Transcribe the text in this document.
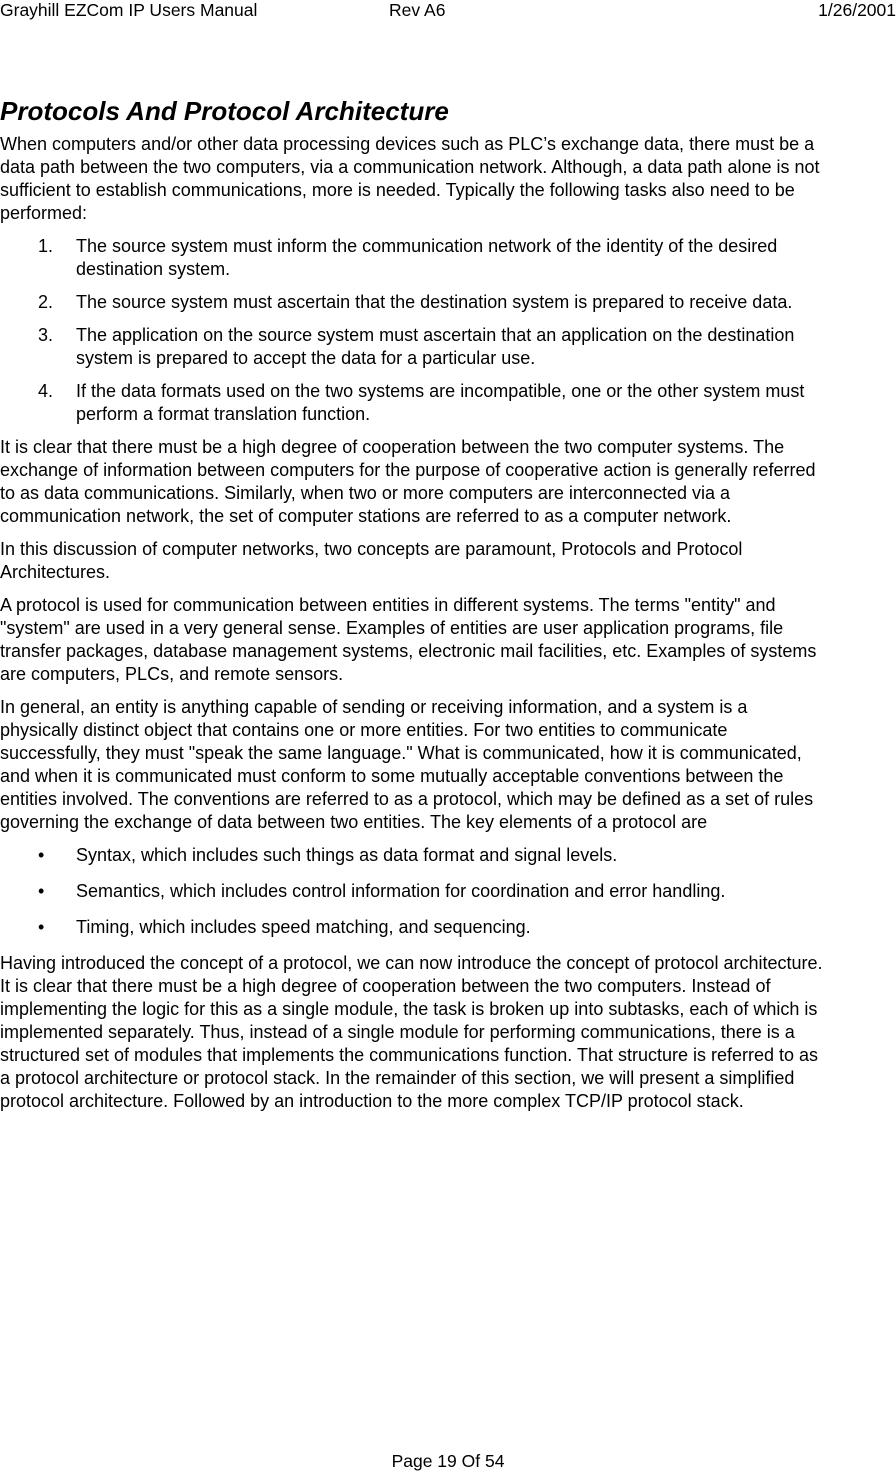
Grayhill EZCom IP Users Manual	Rev A6	1/26/2001
Protocols And Protocol Architecture

When computers and/or other data processing devices such as PLC’s exchange data, there must be a data path between the two computers, via a communication network. Although, a data path alone is not sufficient to establish communications, more is needed. Typically the following tasks also need to be performed:

1. The source system must inform the communication network of the identity of the desired destination system.
2. The source system must ascertain that the destination system is prepared to receive data.
3. The application on the source system must ascertain that an application on the destination system is prepared to accept the data for a particular use.
4. If the data formats used on the two systems are incompatible, one or the other system must perform a format translation function.

It is clear that there must be a high degree of cooperation between the two computer systems. The exchange of information between computers for the purpose of cooperative action is generally referred to as data communications. Similarly, when two or more computers are interconnected via a communication network, the set of computer stations are referred to as a computer network.

In this discussion of computer networks, two concepts are paramount, Protocols and Protocol Architectures.

A protocol is used for communication between entities in different systems. The terms "entity" and "system" are used in a very general sense. Examples of entities are user application programs, file transfer packages, database management systems, electronic mail facilities, etc. Examples of systems are computers, PLCs, and remote sensors.

In general, an entity is anything capable of sending or receiving information, and a system is a physically distinct object that contains one or more entities. For two entities to communicate successfully, they must "speak the same language." What is communicated, how it is communicated, and when it is communicated must conform to some mutually acceptable conventions between the entities involved. The conventions are referred to as a protocol, which may be defined as a set of rules governing the exchange of data between two entities. The key elements of a protocol are

• Syntax, which includes such things as data format and signal levels.
• Semantics, which includes control information for coordination and error handling.
• Timing, which includes speed matching, and sequencing.

Having introduced the concept of a protocol, we can now introduce the concept of protocol architecture. It is clear that there must be a high degree of cooperation between the two computers. Instead of implementing the logic for this as a single module, the task is broken up into subtasks, each of which is implemented separately. Thus, instead of a single module for performing communications, there is a structured set of modules that implements the communications function. That structure is referred to as a protocol architecture or protocol stack. In the remainder of this section, we will present a simplified protocol architecture. Followed by an introduction to the more complex TCP/IP protocol stack.

Page 19 Of 54
